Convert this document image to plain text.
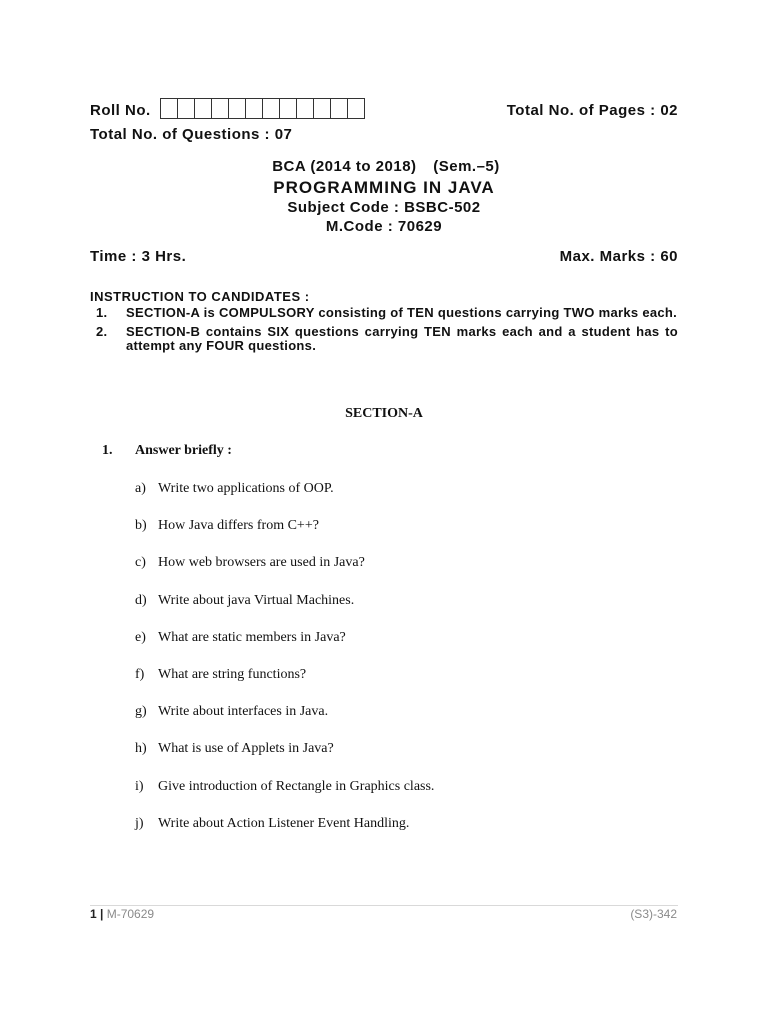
Roll No.	Total No. of Pages : 02
Total No. of Questions : 07
BCA (2014 to 2018) (Sem.–5)
PROGRAMMING IN JAVA
Subject Code : BSBC-502
M.Code : 70629
Time : 3 Hrs.	Max. Marks : 60
INSTRUCTION TO CANDIDATES :
1. SECTION-A is COMPULSORY consisting of TEN questions carrying TWO marks each.
2. SECTION-B contains SIX questions carrying TEN marks each and a student has to attempt any FOUR questions.
SECTION-A
1. Answer briefly :
a) Write two applications of OOP.
b) How Java differs from C++?
c) How web browsers are used in Java?
d) Write about java Virtual Machines.
e) What are static members in Java?
f) What are string functions?
g) Write about interfaces in Java.
h) What is use of Applets in Java?
i) Give introduction of Rectangle in Graphics class.
j) Write about Action Listener Event Handling.
1 | M-70629	(S3)-342
